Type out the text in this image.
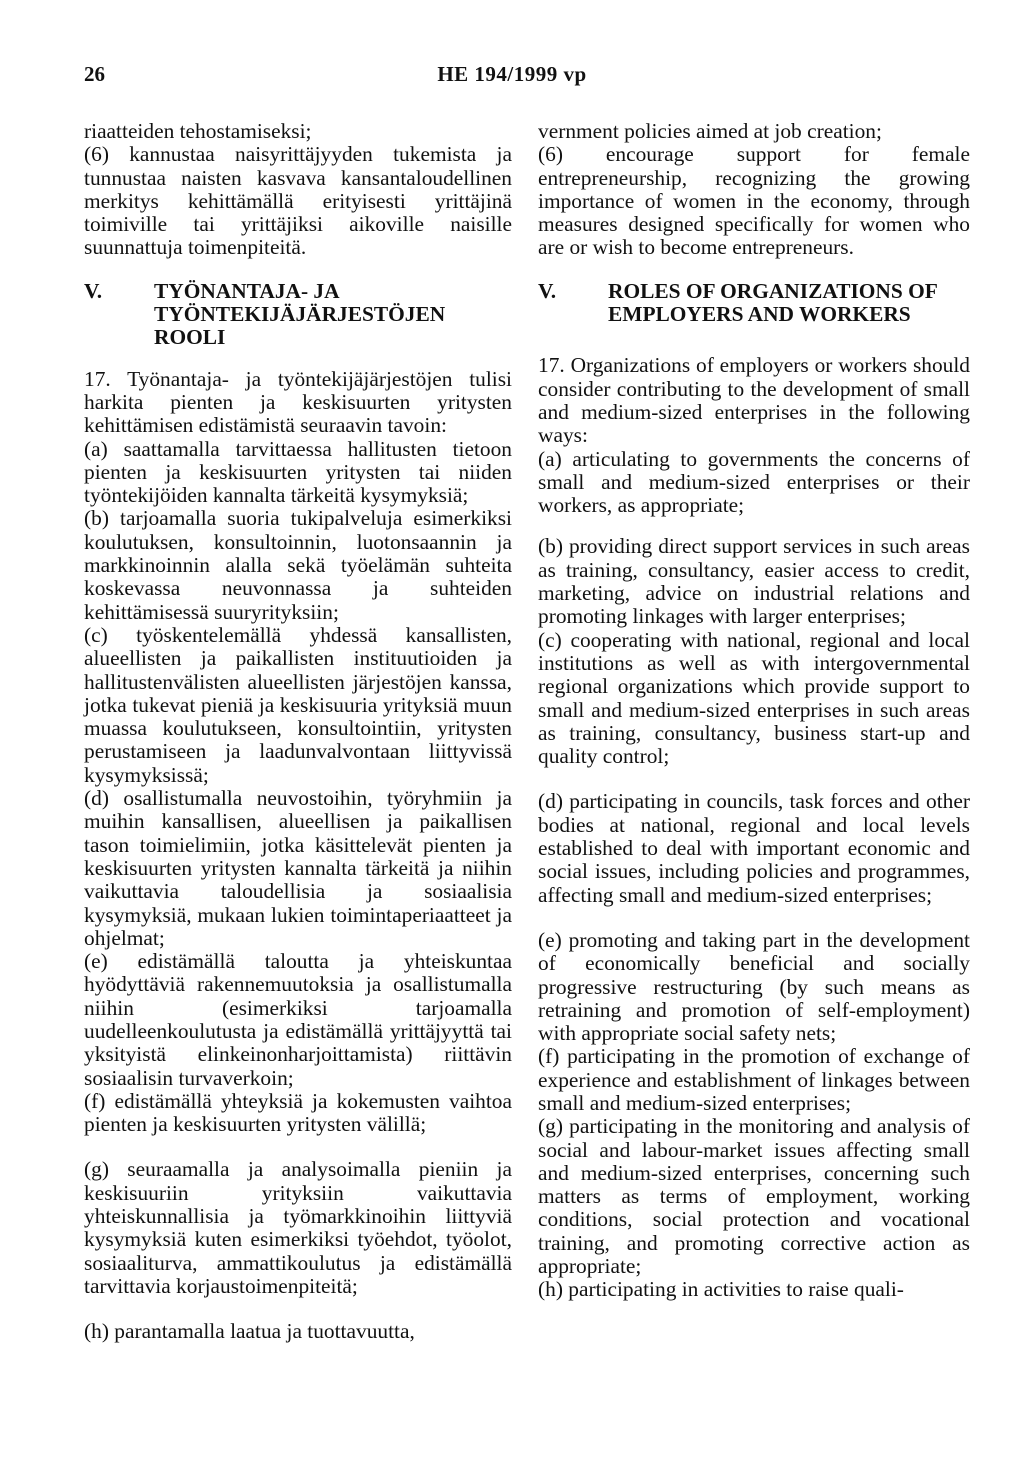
26	HE 194/1999 vp

riaatteiden tehostamiseksi;

(6) kannustaa naisyrittäjyyden tukemista ja tunnustaa naisten kasvava kansantaloudellinen merkitys kehittämällä erityisesti yrittäjinä toimiville tai yrittäjiksi aikoville naisille suunnattuja toimenpiteitä.

V.	TYÖNANTAJA- JA TYÖNTEKIJÄJÄRJESTÖJEN ROOLI

17. Työnantaja- ja työntekijäjärjestöjen tulisi harkita pienten ja keskisuurten yritysten kehittämisen edistämistä seuraavin tavoin:

(a) saattamalla tarvittaessa hallitusten tietoon pienten ja keskisuurten yritysten tai niiden työntekijöiden kannalta tärkeitä kysymyksiä;

(b) tarjoamalla suoria tukipalveluja esimerkiksi koulutuksen, konsultoinnin, luotonsaannin ja markkinoinnin alalla sekä työelämän suhteita koskevassa neuvonnassa ja suhteiden kehittämisessä suuryrityksiin;

(c) työskentelemällä yhdessä kansallisten, alueellisten ja paikallisten instituutioiden ja hallitustenvälisten alueellisten järjestöjen kanssa, jotka tukevat pieniä ja keskisuuria yrityksiä muun muassa koulutukseen, konsultointiin, yritysten perustamiseen ja laadunvalvontaan liittyvissä kysymyksissä;

(d) osallistumalla neuvostoihin, työryhmiin ja muihin kansallisen, alueellisen ja paikallisen tason toimielimiin, jotka käsittelevät pienten ja keskisuurten yritysten kannalta tärkeitä ja niihin vaikuttavia taloudellisia ja sosiaalisia kysymyksiä, mukaan lukien toimintaperiaatteet ja ohjelmat;

(e) edistämällä taloutta ja yhteiskuntaa hyödyttäviä rakennemuutoksia ja osallistumalla niihin (esimerkiksi tarjoamalla uudelleenkoulutusta ja edistämällä yrittäjyyttä tai yksityistä elinkeinonharjoittamista) riittävin sosiaalisin turvaverkoin;

(f) edistämällä yhteyksiä ja kokemusten vaihtoa pienten ja keskisuurten yritysten välillä;

(g) seuraamalla ja analysoimalla pieniin ja keskisuuriin yrityksiin vaikuttavia yhteiskunnallisia ja työmarkkinoihin liittyviä kysymyksiä kuten esimerkiksi työehdot, työolot, sosiaaliturva, ammattikoulutus ja edistämällä tarvittavia korjaustoimenpiteitä;

(h) parantamalla laatua ja tuottavuutta,

vernment policies aimed at job creation;

(6) encourage support for female entrepreneurship, recognizing the growing importance of women in the economy, through measures designed specifically for women who are or wish to become entrepreneurs.

V.	ROLES OF ORGANIZATIONS OF EMPLOYERS AND WORKERS

17. Organizations of employers or workers should consider contributing to the development of small and medium-sized enterprises in the following ways:

(a) articulating to governments the concerns of small and medium-sized enterprises or their workers, as appropriate;

(b) providing direct support services in such areas as training, consultancy, easier access to credit, marketing, advice on industrial relations and promoting linkages with larger enterprises;

(c) cooperating with national, regional and local institutions as well as with intergovernmental regional organizations which provide support to small and medium-sized enterprises in such areas as training, consultancy, business start-up and quality control;

(d) participating in councils, task forces and other bodies at national, regional and local levels established to deal with important economic and social issues, including policies and programmes, affecting small and medium-sized enterprises;

(e) promoting and taking part in the development of economically beneficial and socially progressive restructuring (by such means as retraining and promotion of self-employment) with appropriate social safety nets;

(f) participating in the promotion of exchange of experience and establishment of linkages between small and medium-sized enterprises;

(g) participating in the monitoring and analysis of social and labour-market issues affecting small and medium-sized enterprises, concerning such matters as terms of employment, working conditions, social protection and vocational training, and promoting corrective action as appropriate;

(h) participating in activities to raise quali-
